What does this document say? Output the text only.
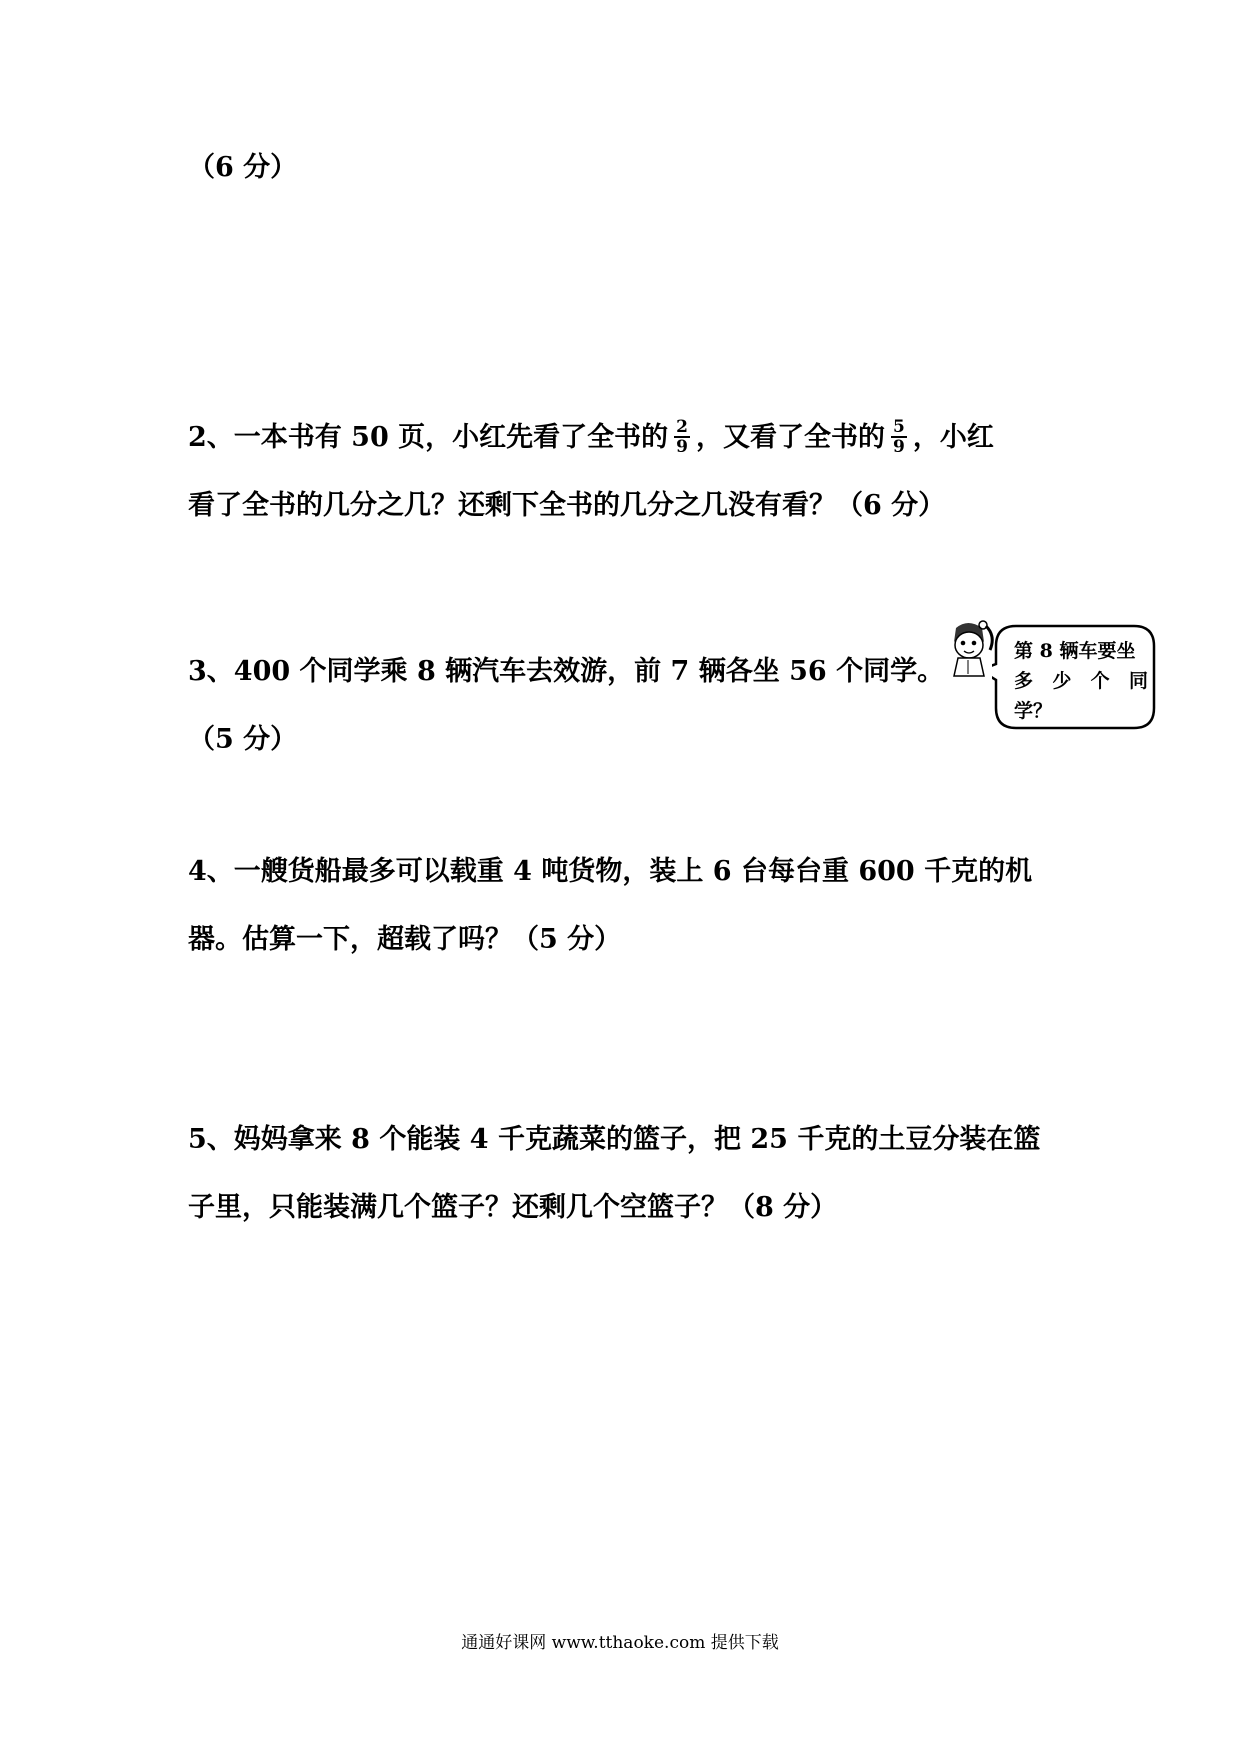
（6 分）
2、一本书有 50 页，小红先看了全书的 $\frac{2}{9}$ ，又看了全书的 $\frac{5}{9}$ ，小红
看了全书的几分之几？还剩下全书的几分之几没有看？（6 分）
3、400 个同学乘 8 辆汽车去效游，前 7 辆各坐 56 个同学。
（5 分）
第 8 辆车要坐
多 少 个 同
学？
4、一艘货船最多可以载重 4 吨货物，装上 6 台每台重 600 千克的机
器。估算一下，超载了吗？（5 分）
5、妈妈拿来 8 个能装 4 千克蔬菜的篮子，把 25 千克的土豆分装在篮
子里，只能装满几个篮子？还剩几个空篮子？（8 分）
通通好课网 www.tthaoke.com 提供下载
